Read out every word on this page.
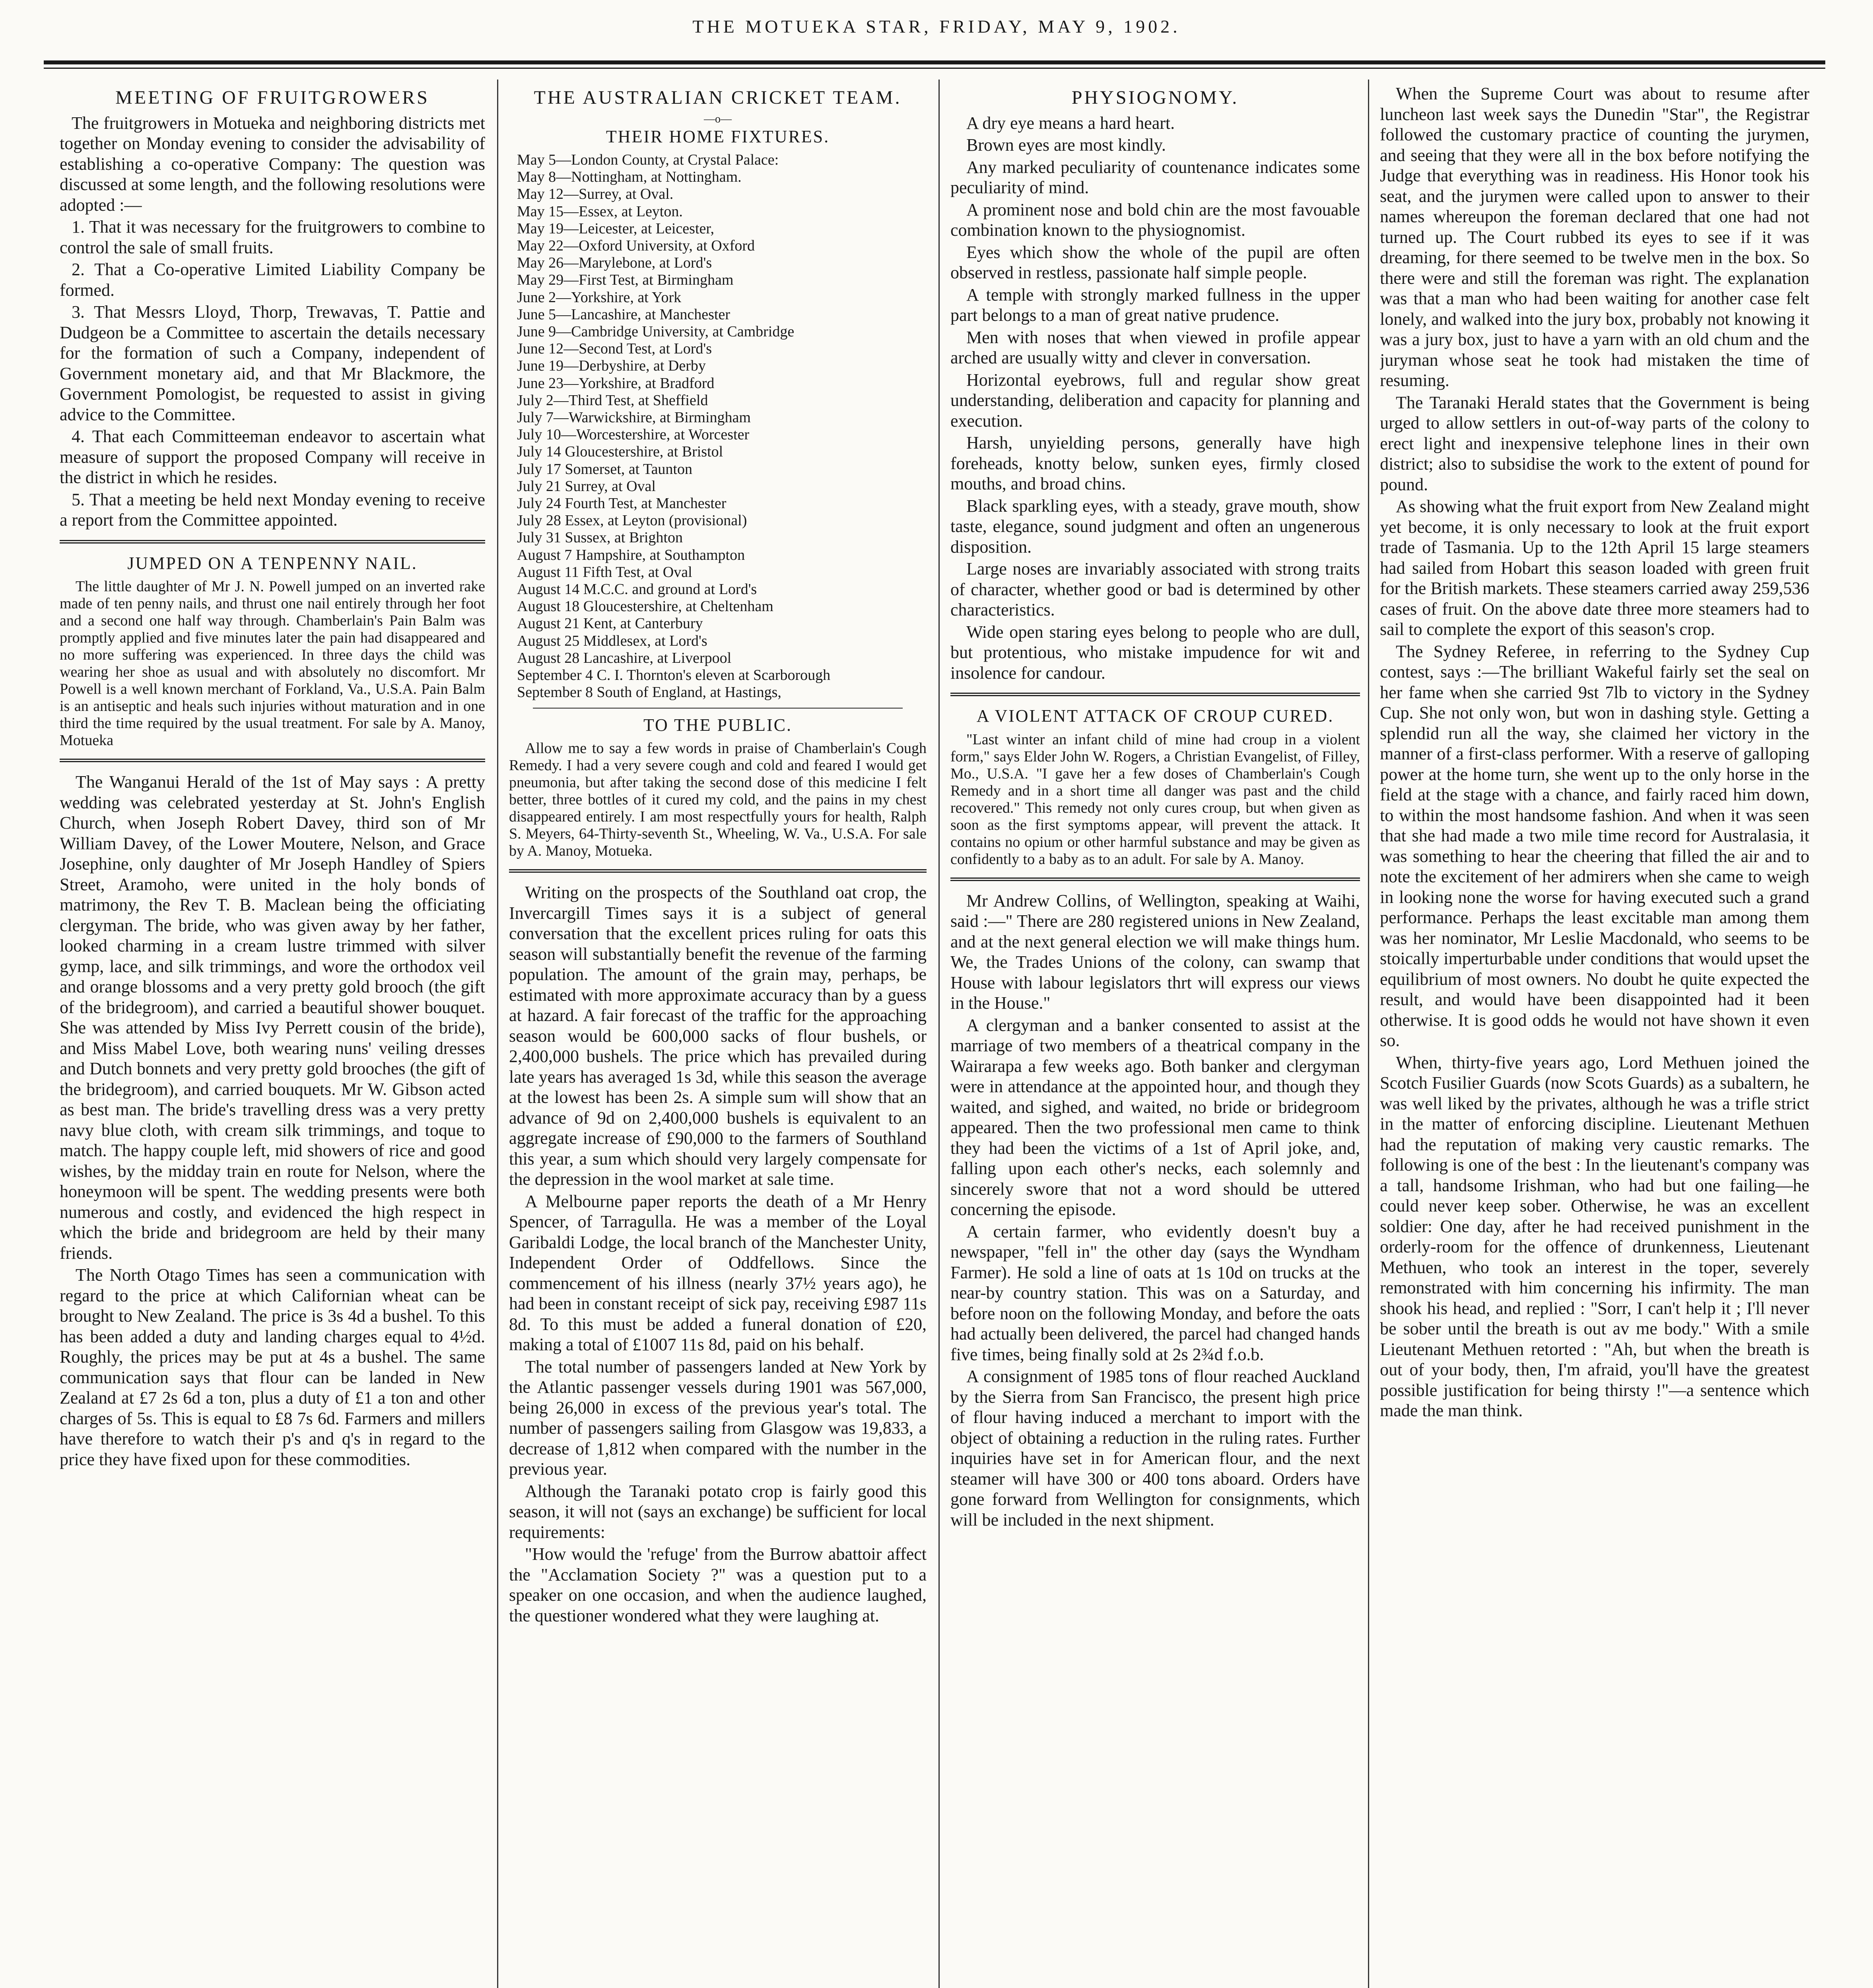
THE MOTUEKA STAR, FRIDAY, MAY 9, 1902.
MEETING OF FRUITGROWERS

The fruitgrowers in Motueka and neighboring districts met together on Monday evening to consider the advisability of establishing a co-operative Company: The question was discussed at some length, and the following resolutions were adopted :—

1. That it was necessary for the fruitgrowers to combine to control the sale of small fruits.

2. That a Co-operative Limited Liability Company be formed.

3. That Messrs Lloyd, Thorp, Trewavas, T. Pattie and Dudgeon be a Committee to ascertain the details necessary for the formation of such a Company, independent of Government monetary aid, and that Mr Blackmore, the Government Pomologist, be requested to assist in giving advice to the Committee.

4. That each Committeeman endeavor to ascertain what measure of support the proposed Company will receive in the district in which he resides.

5. That a meeting be held next Monday evening to receive a report from the Committee appointed.

JUMPED ON A TENPENNY NAIL.

The little daughter of Mr J. N. Powell jumped on an inverted rake made of ten penny nails, and thrust one nail entirely through her foot and a second one half way through. Chamberlain's Pain Balm was promptly applied and five minutes later the pain had disappeared and no more suffering was experienced. In three days the child was wearing her shoe as usual and with absolutely no discomfort. Mr Powell is a well known merchant of Forkland, Va., U.S.A. Pain Balm is an antiseptic and heals such injuries without maturation and in one third the time required by the usual treatment. For sale by A. Manoy, Motueka

The Wanganui Herald of the 1st of May says : A pretty wedding was celebrated yesterday at St. John's English Church, when Joseph Robert Davey, third son of Mr William Davey, of the Lower Moutere, Nelson, and Grace Josephine, only daughter of Mr Joseph Handley of Spiers Street, Aramoho, were united in the holy bonds of matrimony, the Rev T. B. Maclean being the officiating clergyman. The bride, who was given away by her father, looked charming in a cream lustre trimmed with silver gymp, lace, and silk trimmings, and wore the orthodox veil and orange blossoms and a very pretty gold brooch (the gift of the bridegroom), and carried a beautiful shower bouquet. She was attended by Miss Ivy Perrett cousin of the bride), and Miss Mabel Love, both wearing nuns' veiling dresses and Dutch bonnets and very pretty gold brooches (the gift of the bridegroom), and carried bouquets. Mr W. Gibson acted as best man. The bride's travelling dress was a very pretty navy blue cloth, with cream silk trimmings, and toque to match. The happy couple left, mid showers of rice and good wishes, by the midday train en route for Nelson, where the honeymoon will be spent. The wedding presents were both numerous and costly, and evidenced the high respect in which the bride and bridegroom are held by their many friends.

The North Otago Times has seen a communication with regard to the price at which Californian wheat can be brought to New Zealand. The price is 3s 4d a bushel. To this has been added a duty and landing charges equal to 4½d. Roughly, the prices may be put at 4s a bushel. The same communication says that flour can be landed in New Zealand at £7 2s 6d a ton, plus a duty of £1 a ton and other charges of 5s. This is equal to £8 7s 6d. Farmers and millers have therefore to watch their p's and q's in regard to the price they have fixed upon for these commodities.

THE AUSTRALIAN CRICKET TEAM.
—o—
THEIR HOME FIXTURES.
May 5—London County, at Crystal Palace:
May 8—Nottingham, at Nottingham.
May 12—Surrey, at Oval.
May 15—Essex, at Leyton.
May 19—Leicester, at Leicester,
May 22—Oxford University, at Oxford
May 26—Marylebone, at Lord's
May 29—First Test, at Birmingham
June 2—Yorkshire, at York
June 5—Lancashire, at Manchester
June 9—Cambridge University, at Cambridge
June 12—Second Test, at Lord's
June 19—Derbyshire, at Derby
June 23—Yorkshire, at Bradford
July 2—Third Test, at Sheffield
July 7—Warwickshire, at Birmingham
July 10—Worcestershire, at Worcester
July 14 Gloucestershire, at Bristol
July 17 Somerset, at Taunton
July 21 Surrey, at Oval
July 24 Fourth Test, at Manchester
July 28 Essex, at Leyton (provisional)
July 31 Sussex, at Brighton
August 7 Hampshire, at Southampton
August 11 Fifth Test, at Oval
August 14 M.C.C. and ground at Lord's
August 18 Gloucestershire, at Cheltenham
August 21 Kent, at Canterbury
August 25 Middlesex, at Lord's
August 28 Lancashire, at Liverpool
September 4 C. I. Thornton's eleven at Scarborough
September 8 South of England, at Hastings,
TO THE PUBLIC.

Allow me to say a few words in praise of Chamberlain's Cough Remedy. I had a very severe cough and cold and feared I would get pneumonia, but after taking the second dose of this medicine I felt better, three bottles of it cured my cold, and the pains in my chest disappeared entirely. I am most respectfully yours for health, Ralph S. Meyers, 64-Thirty-seventh St., Wheeling, W. Va., U.S.A. For sale by A. Manoy, Motueka.

Writing on the prospects of the Southland oat crop, the Invercargill Times says it is a subject of general conversation that the excellent prices ruling for oats this season will substantially benefit the revenue of the farming population. The amount of the grain may, perhaps, be estimated with more approximate accuracy than by a guess at hazard. A fair forecast of the traffic for the approaching season would be 600,000 sacks of flour bushels, or 2,400,000 bushels. The price which has prevailed during late years has averaged 1s 3d, while this season the average at the lowest has been 2s. A simple sum will show that an advance of 9d on 2,400,000 bushels is equivalent to an aggregate increase of £90,000 to the farmers of Southland this year, a sum which should very largely compensate for the depression in the wool market at sale time.

A Melbourne paper reports the death of a Mr Henry Spencer, of Tarragulla. He was a member of the Loyal Garibaldi Lodge, the local branch of the Manchester Unity, Independent Order of Oddfellows. Since the commencement of his illness (nearly 37½ years ago), he had been in constant receipt of sick pay, receiving £987 11s 8d. To this must be added a funeral donation of £20, making a total of £1007 11s 8d, paid on his behalf.

The total number of passengers landed at New York by the Atlantic passenger vessels during 1901 was 567,000, being 26,000 in excess of the previous year's total. The number of passengers sailing from Glasgow was 19,833, a decrease of 1,812 when compared with the number in the previous year.

Although the Taranaki potato crop is fairly good this season, it will not (says an exchange) be sufficient for local requirements:

"How would the 'refuge' from the Burrow abattoir affect the "Acclamation Society ?" was a question put to a speaker on one occasion, and when the audience laughed, the questioner wondered what they were laughing at.

PHYSIOGNOMY.

A dry eye means a hard heart.

Brown eyes are most kindly.

Any marked peculiarity of countenance indicates some peculiarity of mind.

A prominent nose and bold chin are the most favouable combination known to the physiognomist.

Eyes which show the whole of the pupil are often observed in restless, passionate half simple people.

A temple with strongly marked fullness in the upper part belongs to a man of great native prudence.

Men with noses that when viewed in profile appear arched are usually witty and clever in conversation.

Horizontal eyebrows, full and regular show great understanding, deliberation and capacity for planning and execution.

Harsh, unyielding persons, generally have high foreheads, knotty below, sunken eyes, firmly closed mouths, and broad chins.

Black sparkling eyes, with a steady, grave mouth, show taste, elegance, sound judgment and often an ungenerous disposition.

Large noses are invariably associated with strong traits of character, whether good or bad is determined by other characteristics.

Wide open staring eyes belong to people who are dull, but protentious, who mistake impudence for wit and insolence for candour.

A VIOLENT ATTACK OF CROUP CURED.

"Last winter an infant child of mine had croup in a violent form," says Elder John W. Rogers, a Christian Evangelist, of Filley, Mo., U.S.A. "I gave her a few doses of Chamberlain's Cough Remedy and in a short time all danger was past and the child recovered." This remedy not only cures croup, but when given as soon as the first symptoms appear, will prevent the attack. It contains no opium or other harmful substance and may be given as confidently to a baby as to an adult. For sale by A. Manoy.

Mr Andrew Collins, of Wellington, speaking at Waihi, said :—" There are 280 registered unions in New Zealand, and at the next general election we will make things hum. We, the Trades Unions of the colony, can swamp that House with labour legislators thrt will express our views in the House."

A clergyman and a banker consented to assist at the marriage of two members of a theatrical company in the Wairarapa a few weeks ago. Both banker and clergyman were in attendance at the appointed hour, and though they waited, and sighed, and waited, no bride or bridegroom appeared. Then the two professional men came to think they had been the victims of a 1st of April joke, and, falling upon each other's necks, each solemnly and sincerely swore that not a word should be uttered concerning the episode.

A certain farmer, who evidently doesn't buy a newspaper, "fell in" the other day (says the Wyndham Farmer). He sold a line of oats at 1s 10d on trucks at the near-by country station. This was on a Saturday, and before noon on the following Monday, and before the oats had actually been delivered, the parcel had changed hands five times, being finally sold at 2s 2¾d f.o.b.

A consignment of 1985 tons of flour reached Auckland by the Sierra from San Francisco, the present high price of flour having induced a merchant to import with the object of obtaining a reduction in the ruling rates. Further inquiries have set in for American flour, and the next steamer will have 300 or 400 tons aboard. Orders have gone forward from Wellington for consignments, which will be included in the next shipment.

When the Supreme Court was about to resume after luncheon last week says the Dunedin "Star", the Registrar followed the customary practice of counting the jurymen, and seeing that they were all in the box before notifying the Judge that everything was in readiness. His Honor took his seat, and the jurymen were called upon to answer to their names whereupon the foreman declared that one had not turned up. The Court rubbed its eyes to see if it was dreaming, for there seemed to be twelve men in the box. So there were and still the foreman was right. The explanation was that a man who had been waiting for another case felt lonely, and walked into the jury box, probably not knowing it was a jury box, just to have a yarn with an old chum and the juryman whose seat he took had mistaken the time of resuming.

The Taranaki Herald states that the Government is being urged to allow settlers in out-of-way parts of the colony to erect light and inexpensive telephone lines in their own district; also to subsidise the work to the extent of pound for pound.

As showing what the fruit export from New Zealand might yet become, it is only necessary to look at the fruit export trade of Tasmania. Up to the 12th April 15 large steamers had sailed from Hobart this season loaded with green fruit for the British markets. These steamers carried away 259,536 cases of fruit. On the above date three more steamers had to sail to complete the export of this season's crop.

The Sydney Referee, in referring to the Sydney Cup contest, says :—The brilliant Wakeful fairly set the seal on her fame when she carried 9st 7lb to victory in the Sydney Cup. She not only won, but won in dashing style. Getting a splendid run all the way, she claimed her victory in the manner of a first-class performer. With a reserve of galloping power at the home turn, she went up to the only horse in the field at the stage with a chance, and fairly raced him down, to within the most handsome fashion. And when it was seen that she had made a two mile time record for Australasia, it was something to hear the cheering that filled the air and to note the excitement of her admirers when she came to weigh in looking none the worse for having executed such a grand performance. Perhaps the least excitable man among them was her nominator, Mr Leslie Macdonald, who seems to be stoically imperturbable under conditions that would upset the equilibrium of most owners. No doubt he quite expected the result, and would have been disappointed had it been otherwise. It is good odds he would not have shown it even so.

When, thirty-five years ago, Lord Methuen joined the Scotch Fusilier Guards (now Scots Guards) as a subaltern, he was well liked by the privates, although he was a trifle strict in the matter of enforcing discipline. Lieutenant Methuen had the reputation of making very caustic remarks. The following is one of the best : In the lieutenant's company was a tall, handsome Irishman, who had but one failing—he could never keep sober. Otherwise, he was an excellent soldier: One day, after he had received punishment in the orderly-room for the offence of drunkenness, Lieutenant Methuen, who took an interest in the toper, severely remonstrated with him concerning his infirmity. The man shook his head, and replied : "Sorr, I can't help it ; I'll never be sober until the breath is out av me body." With a smile Lieutenant Methuen retorted : "Ah, but when the breath is out of your body, then, I'm afraid, you'll have the greatest possible justification for being thirsty !"—a sentence which made the man think.
